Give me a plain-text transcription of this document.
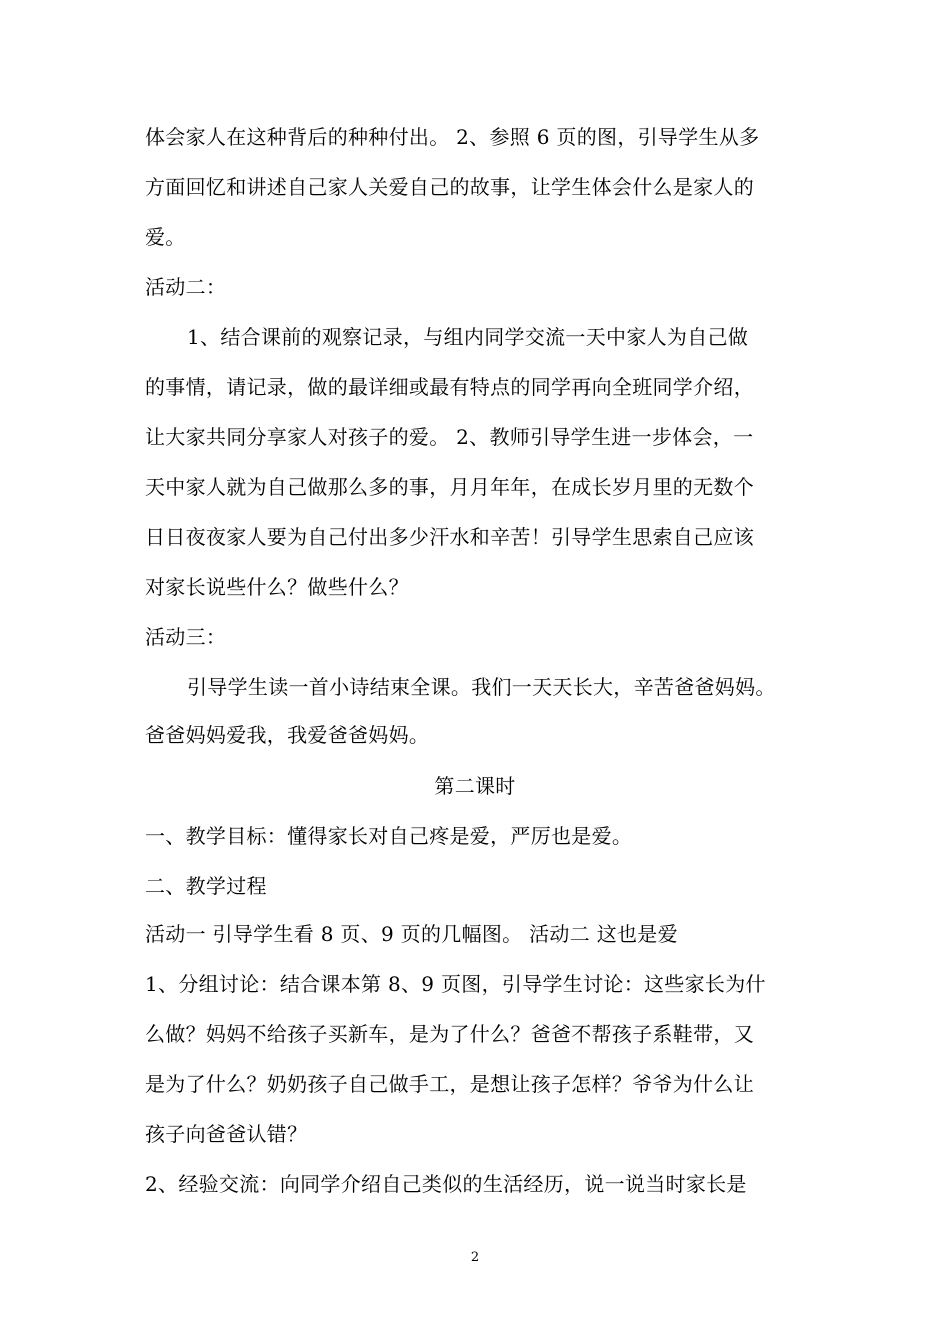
体会家人在这种背后的种种付出。 2、参照 6 页的图，引导学生从多
方面回忆和讲述自己家人关爱自己的故事，让学生体会什么是家人的
爱。
活动二：
1、结合课前的观察记录，与组内同学交流一天中家人为自己做
的事情，请记录，做的最详细或最有特点的同学再向全班同学介绍，
让大家共同分享家人对孩子的爱。 2、教师引导学生进一步体会，一
天中家人就为自己做那么多的事，月月年年，在成长岁月里的无数个
日日夜夜家人要为自己付出多少汗水和辛苦！引导学生思索自己应该
对家长说些什么？做些什么？
活动三：
引导学生读一首小诗结束全课。我们一天天长大，辛苦爸爸妈妈。
爸爸妈妈爱我，我爱爸爸妈妈。
第二课时
一、教学目标：懂得家长对自己疼是爱，严厉也是爱。
二、教学过程
活动一 引导学生看 8 页、9 页的几幅图。 活动二 这也是爱
1、分组讨论：结合课本第 8、9 页图，引导学生讨论：这些家长为什
么做？妈妈不给孩子买新车，是为了什么？爸爸不帮孩子系鞋带，又
是为了什么？奶奶孩子自己做手工，是想让孩子怎样？爷爷为什么让
孩子向爸爸认错？
2、经验交流：向同学介绍自己类似的生活经历，说一说当时家长是
2
